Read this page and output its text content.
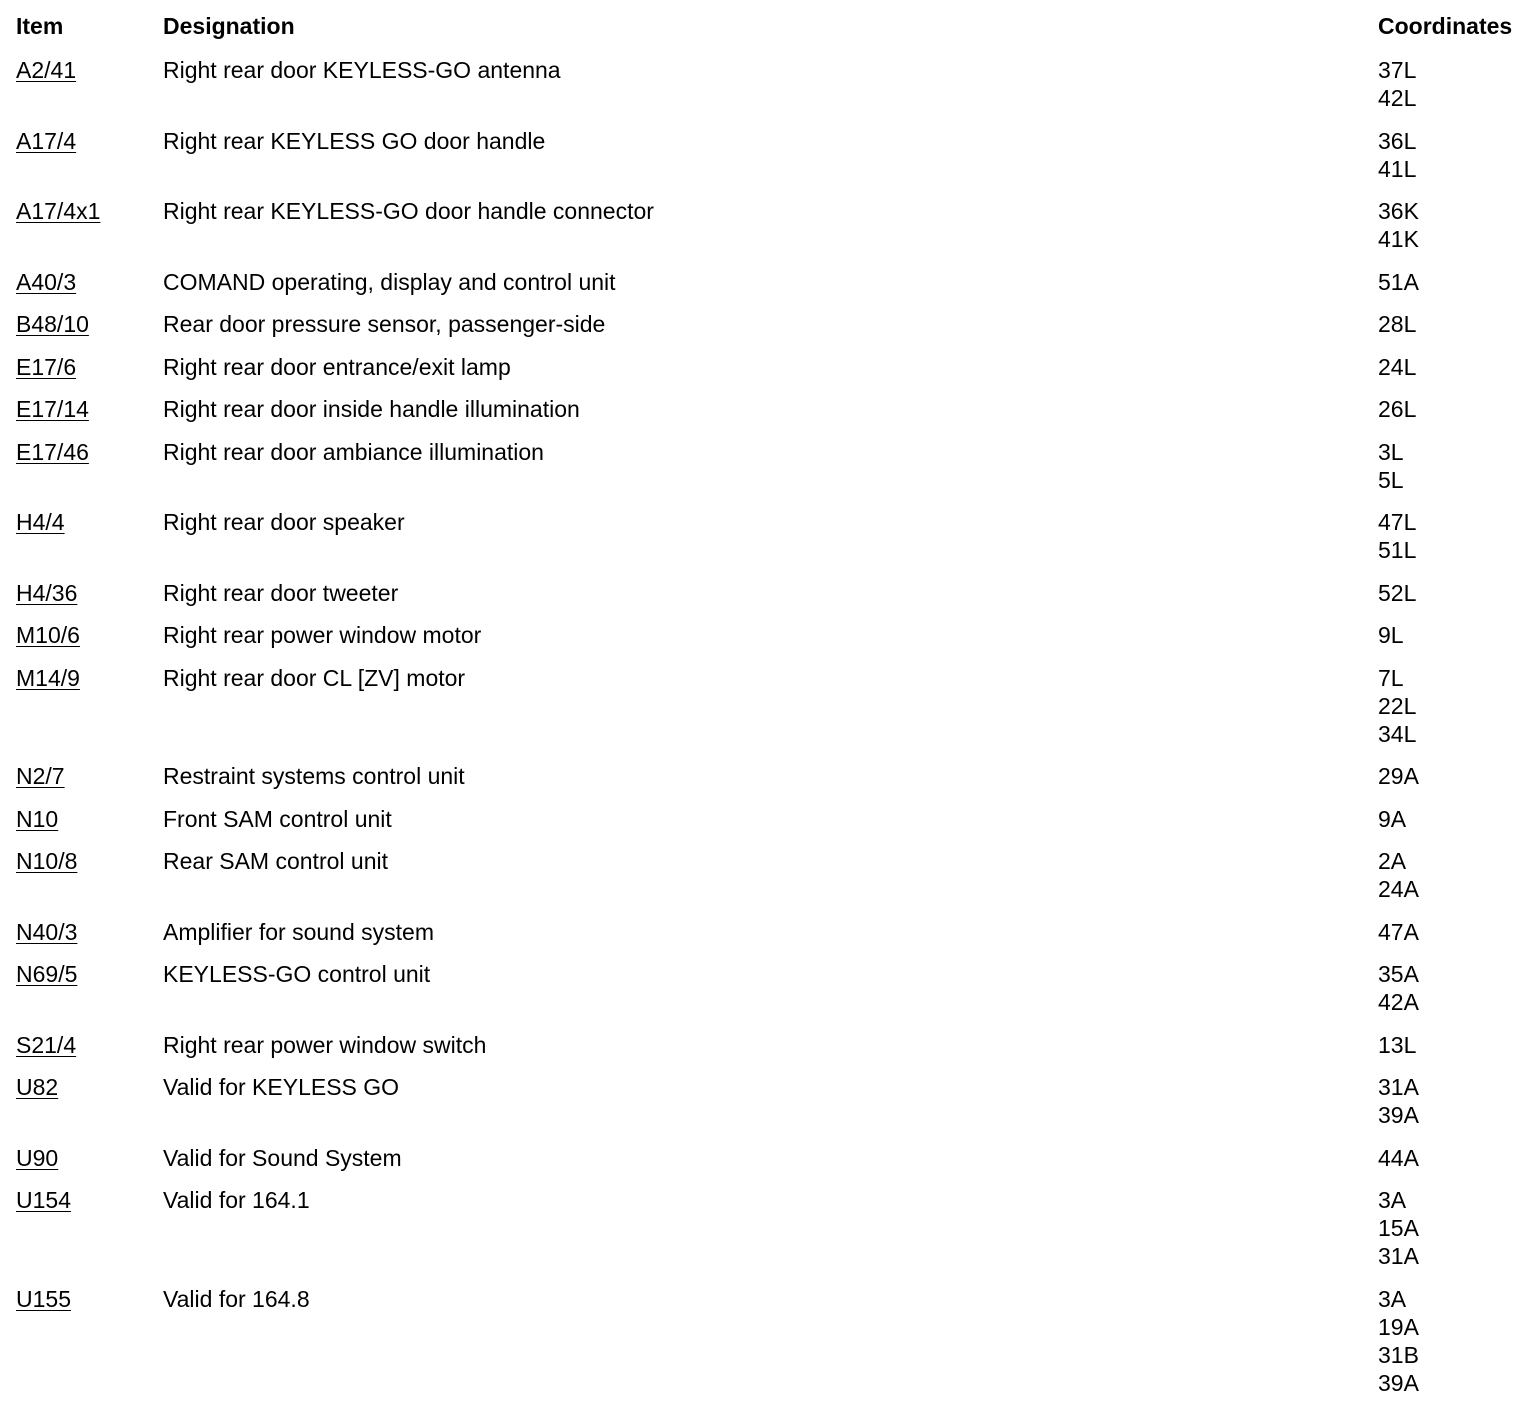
Item	Designation	Coordinates
A2/41	Right rear door KEYLESS-GO antenna	37L
42L
A17/4	Right rear KEYLESS GO door handle	36L
41L
A17/4x1	Right rear KEYLESS-GO door handle connector	36K
41K
A40/3	COMAND operating, display and control unit	51A
B48/10	Rear door pressure sensor, passenger-side	28L
E17/6	Right rear door entrance/exit lamp	24L
E17/14	Right rear door inside handle illumination	26L
E17/46	Right rear door ambiance illumination	3L
5L
H4/4	Right rear door speaker	47L
51L
H4/36	Right rear door tweeter	52L
M10/6	Right rear power window motor	9L
M14/9	Right rear door CL [ZV] motor	7L
22L
34L
N2/7	Restraint systems control unit	29A
N10	Front SAM control unit	9A
N10/8	Rear SAM control unit	2A
24A
N40/3	Amplifier for sound system	47A
N69/5	KEYLESS-GO control unit	35A
42A
S21/4	Right rear power window switch	13L
U82	Valid for KEYLESS GO	31A
39A
U90	Valid for Sound System	44A
U154	Valid for 164.1	3A
15A
31A
U155	Valid for 164.8	3A
19A
31B
39A
